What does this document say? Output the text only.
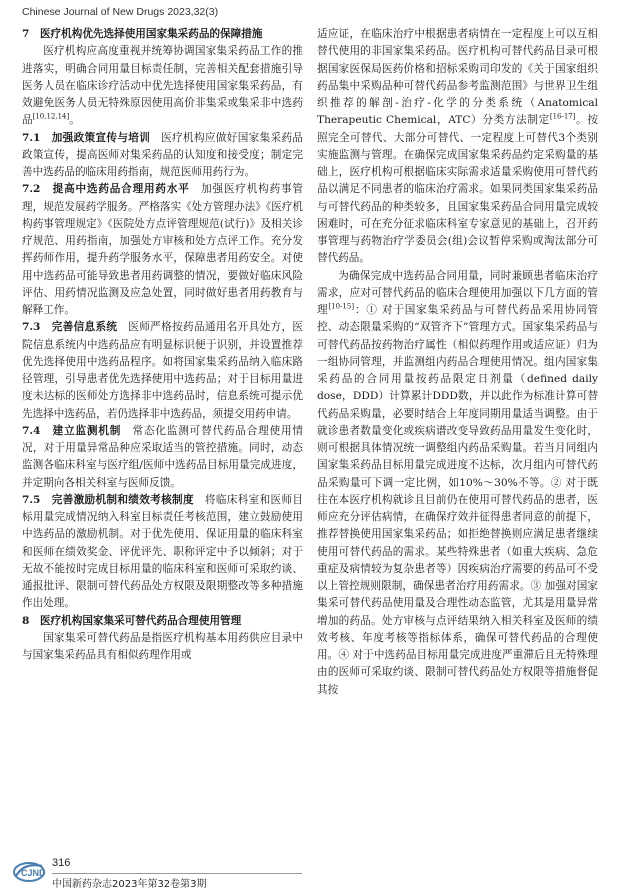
Chinese Journal of New Drugs 2023,32(3)

7　医疗机构优先选择使用国家集采药品的保障措施

医疗机构应高度重视并统筹协调国家集采药品工作的推进落实，明确合同用量目标责任制，完善相关配套措施引导医务人员在临床诊疗活动中优先选择使用国家集采药品，有效避免医务人员无特殊原因使用高价非集采或集采非中选药品[10,12,14]。

7.1　加强政策宣传与培训　医疗机构应做好国家集采药品政策宣传，提高医师对集采药品的认知度和接受度；制定完善中选药品的临床用药指南，规范医师用药行为。

7.2　提高中选药品合理用药水平　加强医疗机构药事管理，规范发展药学服务。严格落实《处方管理办法》《医疗机构药事管理规定》《医院处方点评管理规范(试行)》及相关诊疗规范、用药指南，加强处方审核和处方点评工作。充分发挥药师作用，提升药学服务水平，保障患者用药安全。对使用中选药品可能导致患者用药调整的情况，要做好临床风险评估、用药情况监测及应急处置，同时做好患者用药教育与解释工作。

7.3　完善信息系统　医师严格按药品通用名开具处方，医院信息系统内中选药品应有明显标识便于识别，并设置推荐优先选择使用中选药品程序。如将国家集采药品纳入临床路径管理，引导患者优先选择使用中选药品；对于目标用量进度未达标的医师处方选择非中选药品时，信息系统可提示优先选择中选药品，若仍选择非中选药品，须提交用药申请。

7.4　建立监测机制　常态化监测可替代药品合理使用情况，对于用量异常品种应采取适当的管控措施。同时，动态监测各临床科室与医疗组/医师中选药品目标用量完成进度，并定期向各相关科室与医师反馈。

7.5　完善激励机制和绩效考核制度　将临床科室和医师目标用量完成情况纳入科室目标责任考核范围，建立鼓励使用中选药品的激励机制。对于优先使用、保证用量的临床科室和医师在绩效奖金、评优评先、职称评定中予以倾斜；对于无故不能按时完成目标用量的临床科室和医师可采取约谈、通报批评、限制可替代药品处方权限及限期整改等多种措施作出处理。

8　医疗机构国家集采可替代药品合理使用管理

国家集采可替代药品是指医疗机构基本用药供应目录中与国家集采药品具有相似药理作用或

适应证，在临床治疗中根据患者病情在一定程度上可以互相替代使用的非国家集采药品。医疗机构可替代药品目录可根据国家医保局医药价格和招标采购司印发的《关于国家组织药品集中采购品种可替代药品参考监测范围》与世界卫生组织推荐的解剖-治疗-化学的分类系统（Anatomical Therapeutic Chemical，ATC）分类方法制定[16-17]。按照完全可替代、大部分可替代、一定程度上可替代3个类别实施监测与管理。在确保完成国家集采药品约定采购量的基础上，医疗机构可根据临床实际需求适量采购使用可替代药品以满足不同患者的临床治疗需求。如果同类国家集采药品与可替代药品的种类较多，且国家集采药品合同用量完成较困难时，可在充分征求临床科室专家意见的基础上，召开药事管理与药物治疗学委员会(组)会议暂停采购或淘汰部分可替代药品。

为确保完成中选药品合同用量，同时兼顾患者临床治疗需求，应对可替代药品的临床合理使用加强以下几方面的管理[10-15]：① 对于国家集采药品与可替代药品采用协同管控、动态限量采购的“双管齐下”管理方式。国家集采药品与可替代药品按药物治疗属性（相似药理作用或适应证）归为一组协同管理，并监测组内药品合理使用情况。组内国家集采药品的合同用量按药品限定日剂量（defined daily dose，DDD）计算累计DDD数，并以此作为标准计算可替代药品采购量，必要时结合上年度同期用量适当调整。由于就诊患者数量变化或疾病谱改变导致药品用量发生变化时，则可根据具体情况统一调整组内药品采购量。若当月同组内国家集采药品目标用量完成进度不达标，次月组内可替代药品采购量可下调一定比例，如10%～30%不等。② 对于既往在本医疗机构就诊且目前仍在使用可替代药品的患者，医师应充分评估病情，在确保疗效并征得患者同意的前提下，推荐替换使用国家集采药品；如拒绝替换则应满足患者继续使用可替代药品的需求。某些特殊患者（如重大疾病、急危重症及病情较为复杂患者等）因疾病治疗需要的药品可不受以上管控规则限制，确保患者治疗用药需求。③ 加强对国家集采可替代药品使用量及合理性动态监管，尤其是用量异常增加的药品。处方审核与点评结果纳入相关科室及医师的绩效考核、年度考核等指标体系，确保可替代药品的合理使用。④ 对于中选药品目标用量完成进度严重滞后且无特殊理由的医师可采取约谈、限制可替代药品处方权限等措施督促其按

CJND
316
中国新药杂志2023年第32卷第3期
